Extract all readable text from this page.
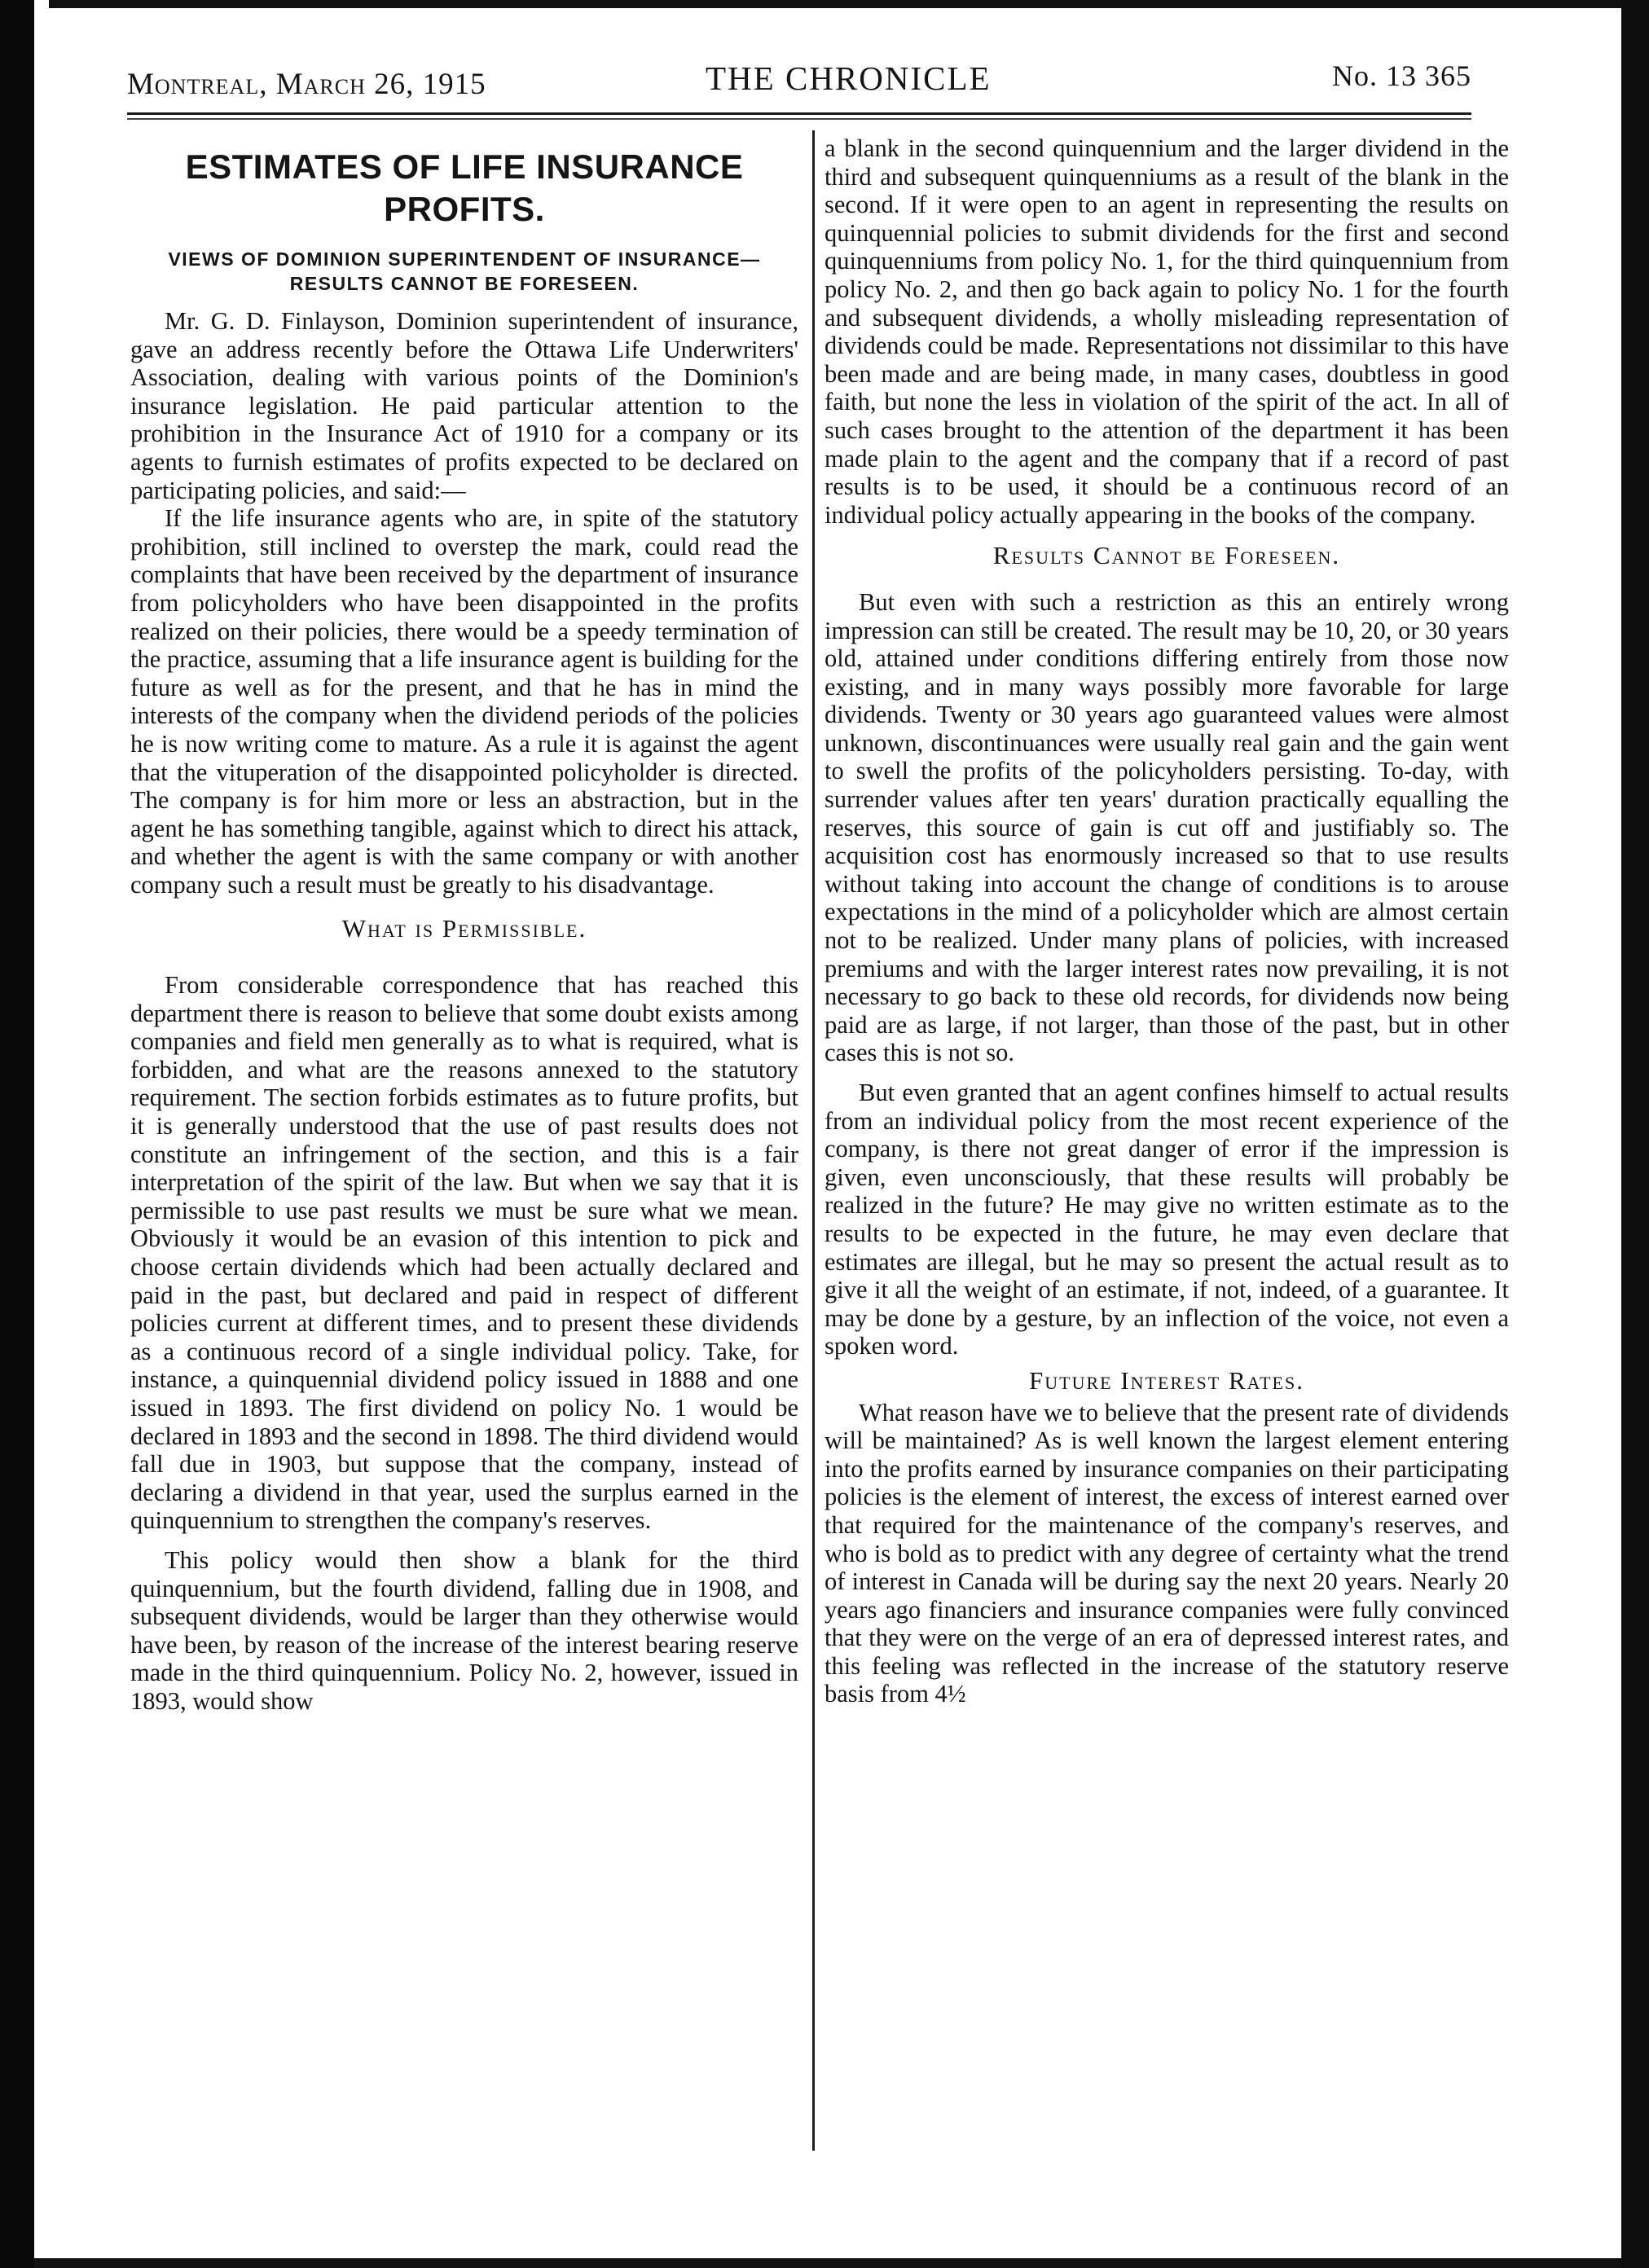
Montreal, March 26, 1915	THE CHRONICLE	No. 13 365
ESTIMATES OF LIFE INSURANCE PROFITS.
VIEWS OF DOMINION SUPERINTENDENT OF INSURANCE—RESULTS CANNOT BE FORESEEN.

Mr. G. D. Finlayson, Dominion superintendent of insurance, gave an address recently before the Ottawa Life Underwriters' Association, dealing with various points of the Dominion's insurance legislation. He paid particular attention to the prohibition in the Insurance Act of 1910 for a company or its agents to furnish estimates of profits expected to be declared on participating policies, and said:—

If the life insurance agents who are, in spite of the statutory prohibition, still inclined to overstep the mark, could read the complaints that have been received by the department of insurance from policyholders who have been disappointed in the profits realized on their policies, there would be a speedy termination of the practice, assuming that a life insurance agent is building for the future as well as for the present, and that he has in mind the interests of the company when the dividend periods of the policies he is now writing come to mature. As a rule it is against the agent that the vituperation of the disappointed policyholder is directed. The company is for him more or less an abstraction, but in the agent he has something tangible, against which to direct his attack, and whether the agent is with the same company or with another company such a result must be greatly to his disadvantage.

What is Permissible.

From considerable correspondence that has reached this department there is reason to believe that some doubt exists among companies and field men generally as to what is required, what is forbidden, and what are the reasons annexed to the statutory requirement. The section forbids estimates as to future profits, but it is generally understood that the use of past results does not constitute an infringement of the section, and this is a fair interpretation of the spirit of the law. But when we say that it is permissible to use past results we must be sure what we mean. Obviously it would be an evasion of this intention to pick and choose certain dividends which had been actually declared and paid in the past, but declared and paid in respect of different policies current at different times, and to present these dividends as a continuous record of a single individual policy. Take, for instance, a quinquennial dividend policy issued in 1888 and one issued in 1893. The first dividend on policy No. 1 would be declared in 1893 and the second in 1898. The third dividend would fall due in 1903, but suppose that the company, instead of declaring a dividend in that year, used the surplus earned in the quinquennium to strengthen the company's reserves.

This policy would then show a blank for the third quinquennium, but the fourth dividend, falling due in 1908, and subsequent dividends, would be larger than they otherwise would have been, by reason of the increase of the interest bearing reserve made in the third quinquennium. Policy No. 2, however, issued in 1893, would show

a blank in the second quinquennium and the larger dividend in the third and subsequent quinquenniums as a result of the blank in the second. If it were open to an agent in representing the results on quinquennial policies to submit dividends for the first and second quinquenniums from policy No. 1, for the third quinquennium from policy No. 2, and then go back again to policy No. 1 for the fourth and subsequent dividends, a wholly misleading representation of dividends could be made. Representations not dissimilar to this have been made and are being made, in many cases, doubtless in good faith, but none the less in violation of the spirit of the act. In all of such cases brought to the attention of the department it has been made plain to the agent and the company that if a record of past results is to be used, it should be a continuous record of an individual policy actually appearing in the books of the company.

Results Cannot be Foreseen.

But even with such a restriction as this an entirely wrong impression can still be created. The result may be 10, 20, or 30 years old, attained under conditions differing entirely from those now existing, and in many ways possibly more favorable for large dividends. Twenty or 30 years ago guaranteed values were almost unknown, discontinuances were usually real gain and the gain went to swell the profits of the policyholders persisting. To-day, with surrender values after ten years' duration practically equalling the reserves, this source of gain is cut off and justifiably so. The acquisition cost has enormously increased so that to use results without taking into account the change of conditions is to arouse expectations in the mind of a policyholder which are almost certain not to be realized. Under many plans of policies, with increased premiums and with the larger interest rates now prevailing, it is not necessary to go back to these old records, for dividends now being paid are as large, if not larger, than those of the past, but in other cases this is not so.

But even granted that an agent confines himself to actual results from an individual policy from the most recent experience of the company, is there not great danger of error if the impression is given, even unconsciously, that these results will probably be realized in the future? He may give no written estimate as to the results to be expected in the future, he may even declare that estimates are illegal, but he may so present the actual result as to give it all the weight of an estimate, if not, indeed, of a guarantee. It may be done by a gesture, by an inflection of the voice, not even a spoken word.

Future Interest Rates.

What reason have we to believe that the present rate of dividends will be maintained? As is well known the largest element entering into the profits earned by insurance companies on their participating policies is the element of interest, the excess of interest earned over that required for the maintenance of the company's reserves, and who is bold as to predict with any degree of certainty what the trend of interest in Canada will be during say the next 20 years. Nearly 20 years ago financiers and insurance companies were fully convinced that they were on the verge of an era of depressed interest rates, and this feeling was reflected in the increase of the statutory reserve basis from 4½
